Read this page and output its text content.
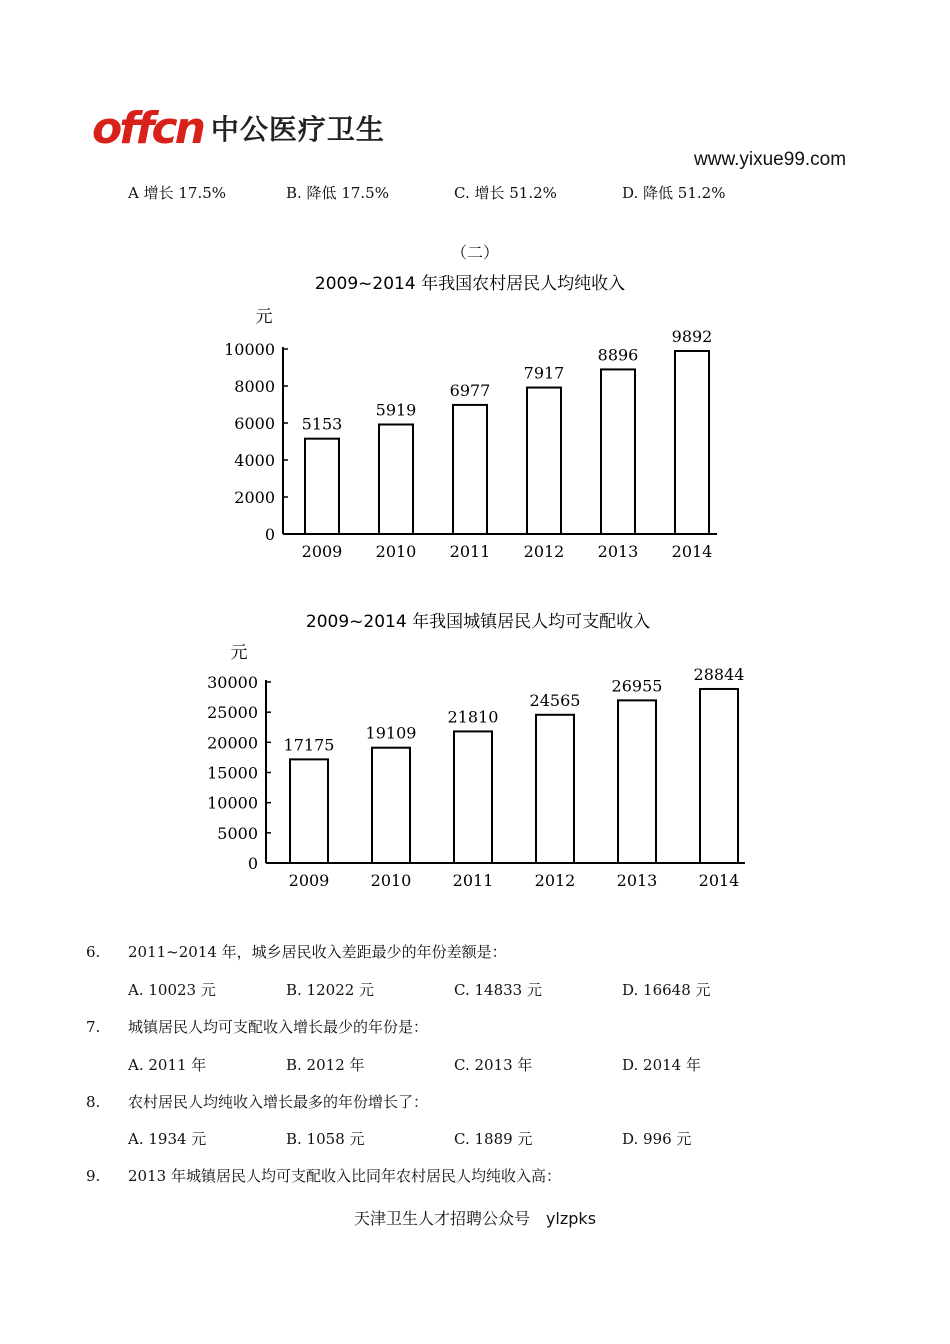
offcn 中公医疗卫生
www.yixue99.com
A 增长 17.5%	B. 降低 17.5%	C. 增长 51.2%	D. 降低 51.2%
（二）
2009~2014 年我国农村居民人均纯收入
元
0
2000
4000
6000
8000
10000
5153
2009
5919
2010
6977
2011
7917
2012
8896
2013
9892
2014
2009~2014 年我国城镇居民人均可支配收入
元
0
5000
10000
15000
20000
25000
30000
17175
2009
19109
2010
21810
2011
24565
2012
26955
2013
28844
2014
6. 2011~2014 年，城乡居民收入差距最少的年份差额是：
A. 10023 元	B. 12022 元	C. 14833 元	D. 16648 元
7. 城镇居民人均可支配收入增长最少的年份是：
A. 2011 年	B. 2012 年	C. 2013 年	D. 2014 年
8. 农村居民人均纯收入增长最多的年份增长了：
A. 1934 元	B. 1058 元	C. 1889 元	D. 996 元
9. 2013 年城镇居民人均可支配收入比同年农村居民人均纯收入高：
天津卫生人才招聘公众号　ylzpks
